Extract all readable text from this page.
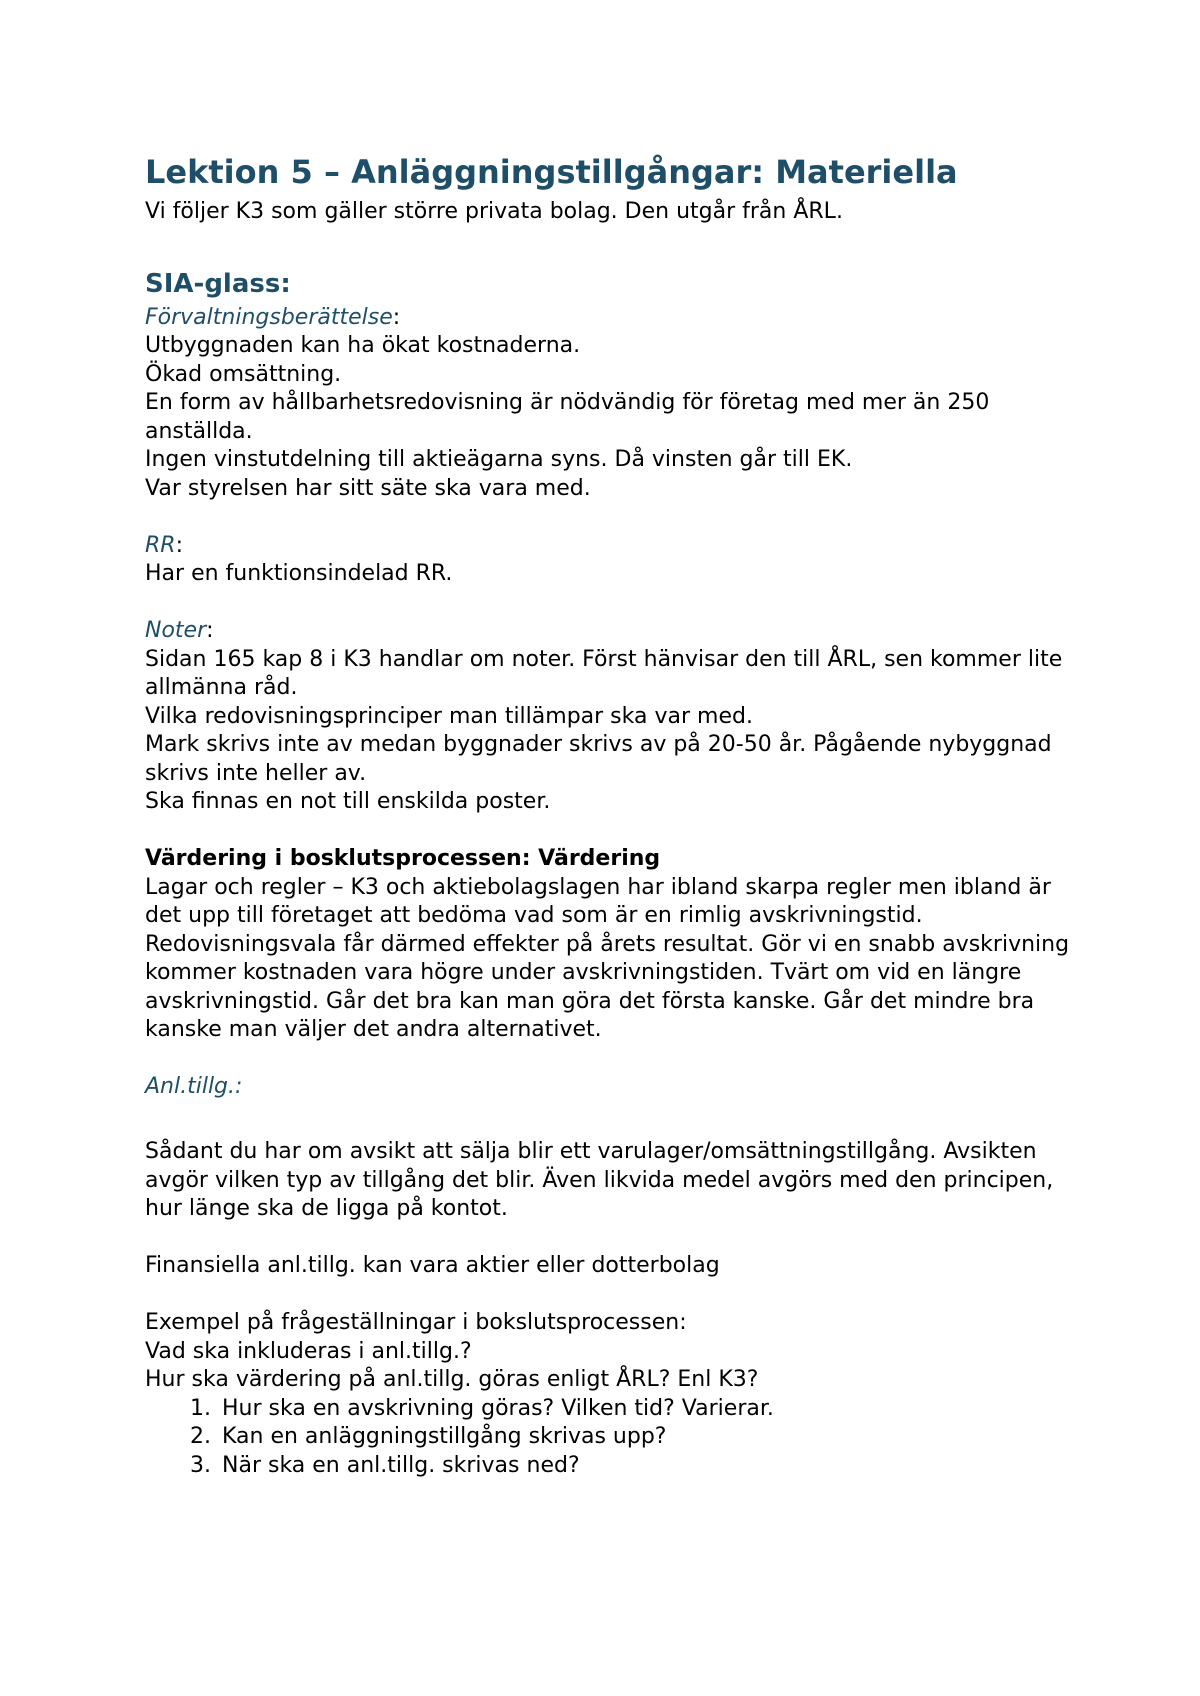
Lektion 5 – Anläggningstillgångar: Materiella

Vi följer K3 som gäller större privata bolag. Den utgår från ÅRL.

SIA-glass:

Förvaltningsberättelse:

Utbyggnaden kan ha ökat kostnaderna.

Ökad omsättning.

En form av hållbarhetsredovisning är nödvändig för företag med mer än 250 anställda.

Ingen vinstutdelning till aktieägarna syns. Då vinsten går till EK.

Var styrelsen har sitt säte ska vara med.

RR:

Har en funktionsindelad RR.

Noter:

Sidan 165 kap 8 i K3 handlar om noter. Först hänvisar den till ÅRL, sen kommer lite allmänna råd.

Vilka redovisningsprinciper man tillämpar ska var med.

Mark skrivs inte av medan byggnader skrivs av på 20-50 år. Pågående nybyggnad skrivs inte heller av.

Ska finnas en not till enskilda poster.

Värdering i bosklutsprocessen: Värdering

Lagar och regler – K3 och aktiebolagslagen har ibland skarpa regler men ibland är det upp till företaget att bedöma vad som är en rimlig avskrivningstid. Redovisningsvala får därmed effekter på årets resultat. Gör vi en snabb avskrivning kommer kostnaden vara högre under avskrivningstiden. Tvärt om vid en längre avskrivningstid. Går det bra kan man göra det första kanske. Går det mindre bra kanske man väljer det andra alternativet.

Anl.tillg.:

Sådant du har om avsikt att sälja blir ett varulager/omsättningstillgång. Avsikten avgör vilken typ av tillgång det blir. Även likvida medel avgörs med den principen, hur länge ska de ligga på kontot.

Finansiella anl.tillg. kan vara aktier eller dotterbolag

Exempel på frågeställningar i bokslutsprocessen:

Vad ska inkluderas i anl.tillg.?

Hur ska värdering på anl.tillg. göras enligt ÅRL? Enl K3?

1. Hur ska en avskrivning göras? Vilken tid? Varierar.
2. Kan en anläggningstillgång skrivas upp?
3. När ska en anl.tillg. skrivas ned?
